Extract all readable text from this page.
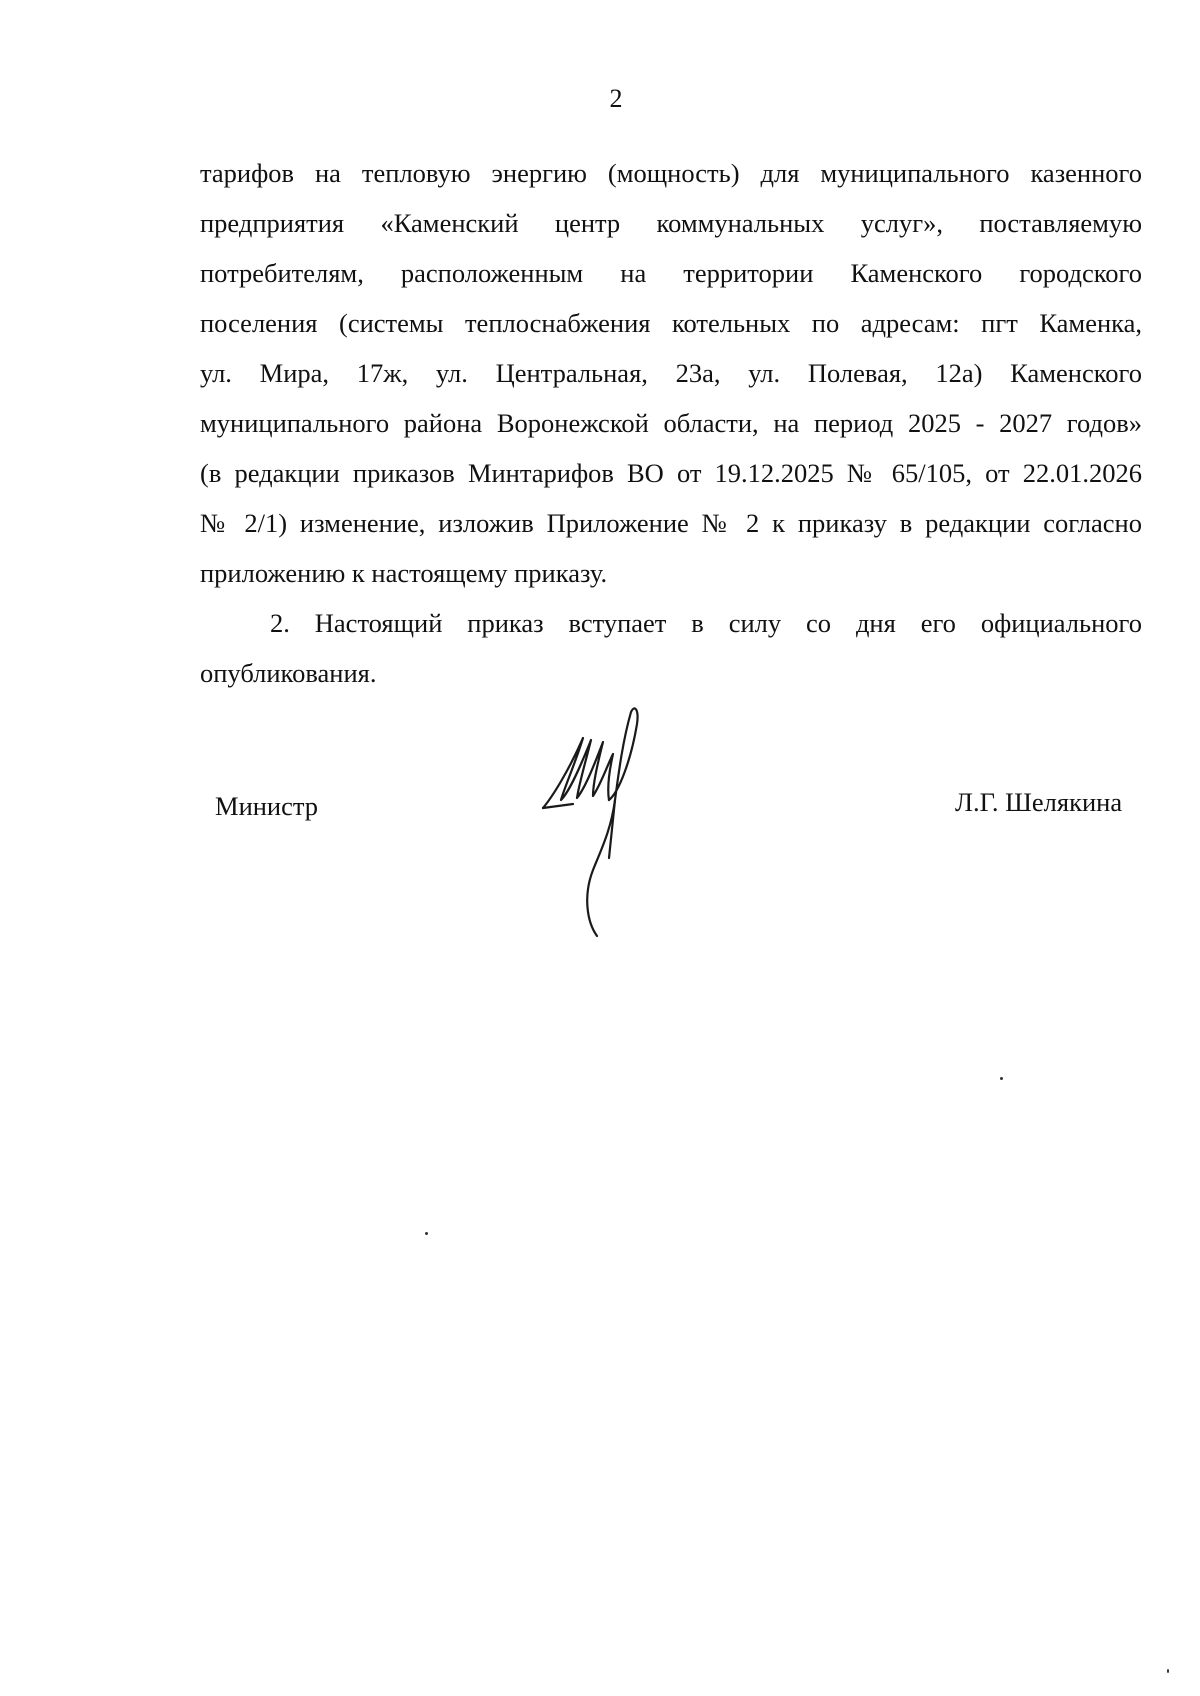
2
тарифов на тепловую энергию (мощность) для муниципального казенного
предприятия «Каменский центр коммунальных услуг», поставляемую
потребителям, расположенным на территории Каменского городского
поселения (системы теплоснабжения котельных по адресам: пгт Каменка,
ул. Мира, 17ж, ул. Центральная, 23а, ул. Полевая, 12а) Каменского
муниципального района Воронежской области, на период 2025 - 2027 годов»
(в редакции приказов Минтарифов ВО от 19.12.2025 № 65/105, от 22.01.2026
№ 2/1) изменение, изложив Приложение № 2 к приказу в редакции согласно
приложению к настоящему приказу.
2. Настоящий приказ вступает в силу со дня его официального
опубликования.
Министр	Л.Г. Шелякина
